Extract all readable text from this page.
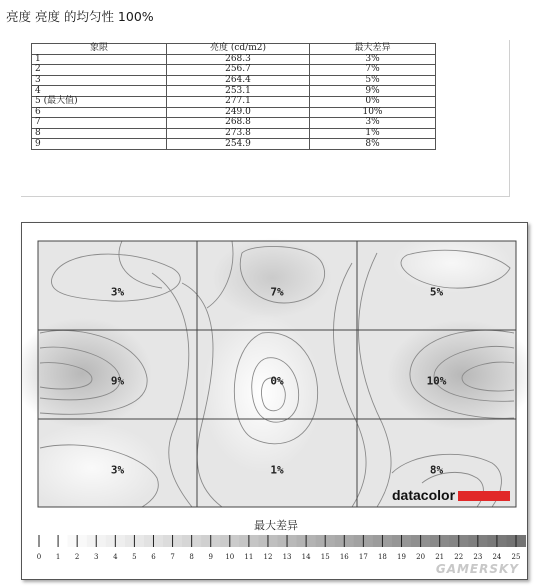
亮度 亮度 的均匀性 100%
象限	亮度 (cd/m2)	最大差异
1	268.3	3%
2	256.7	7%
3	264.4	5%
4	253.1	9%
5 (最大值)	277.1	0%
6	249.0	10%
7	268.8	3%
8	273.8	1%
9	254.9	8%
3%	7%	5%
9%	0%	10%
3%	1%	8%
datacolor
最大差异
0 1 2 3 4 5 6 7 8 9 10 11 12 13 14 15 16 17 18 19 20 21 22 23 24 25
GAMERSKY
